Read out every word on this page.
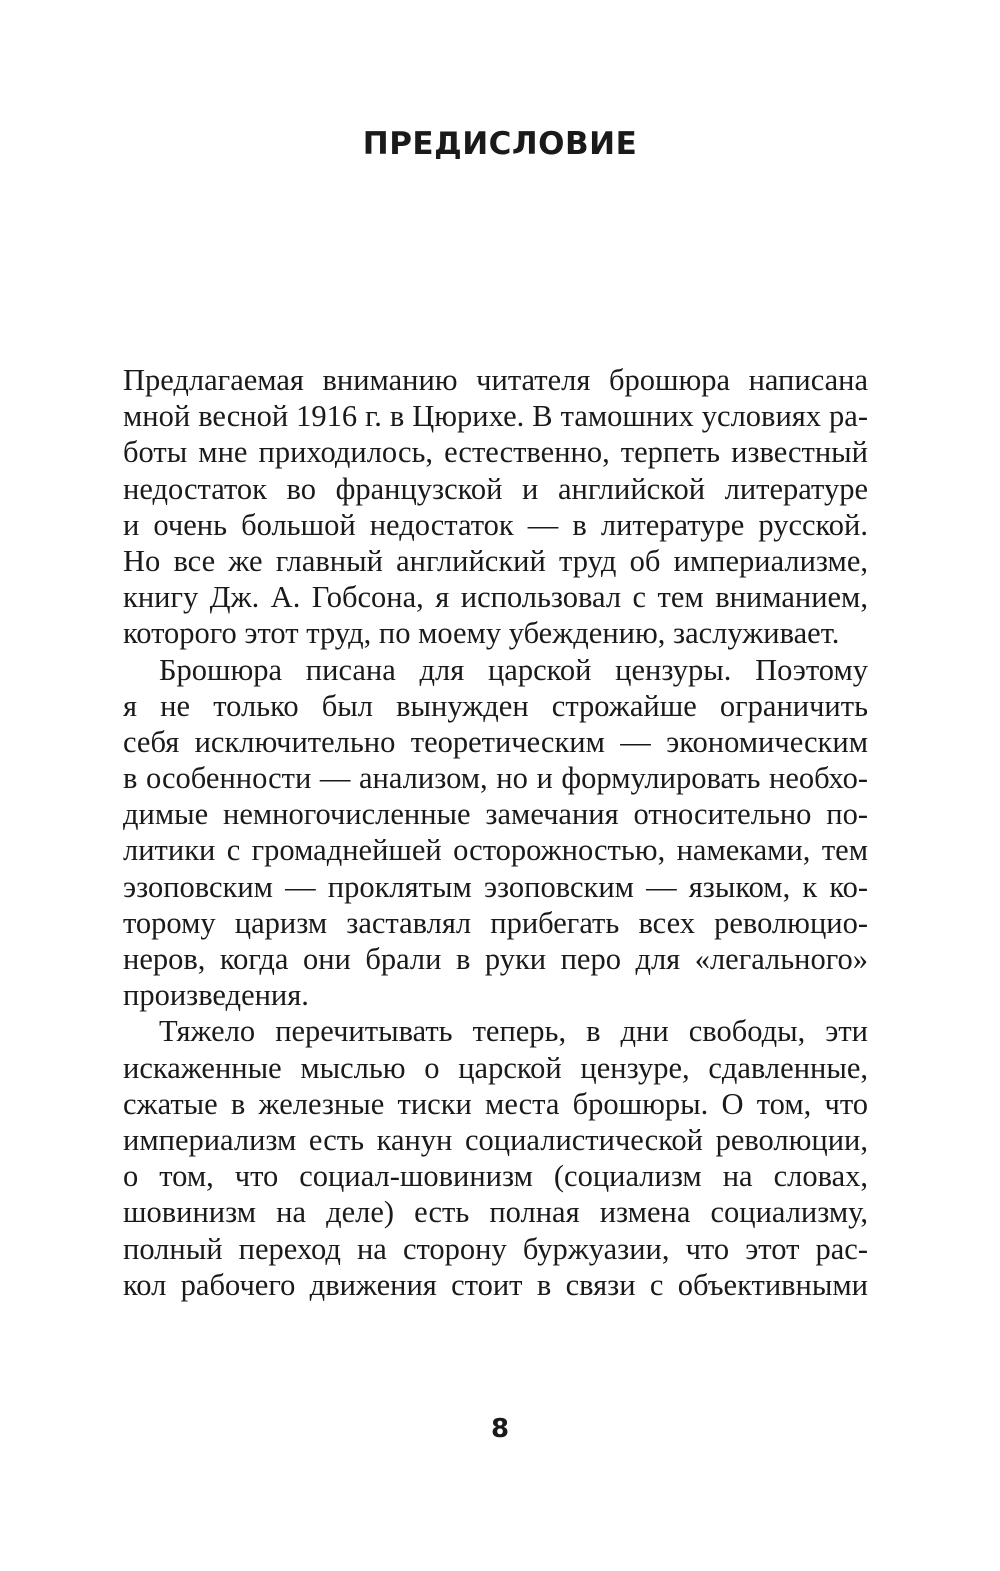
ПРЕДИСЛОВИЕ
Предлагаемая вниманию читателя брошюра написана
мной весной 1916 г. в Цюрихе. В тамошних условиях ра-
боты мне приходилось, естественно, терпеть известный
недостаток во французской и английской литературе
и очень большой недостаток — в литературе русской.
Но все же главный английский труд об империализме,
книгу Дж. А. Гобсона, я использовал с тем вниманием,
которого этот труд, по моему убеждению, заслуживает.
Брошюра писана для царской цензуры. Поэтому
я не только был вынужден строжайше ограничить
себя исключительно теоретическим — экономическим
в особенности — анализом, но и формулировать необхо-
димые немногочисленные замечания относительно по-
литики с громаднейшей осторожностью, намеками, тем
эзоповским — проклятым эзоповским — языком, к ко-
торому царизм заставлял прибегать всех революцио-
неров, когда они брали в руки перо для «легального»
произведения.
Тяжело перечитывать теперь, в дни свободы, эти
искаженные мыслью о царской цензуре, сдавленные,
сжатые в железные тиски места брошюры. О том, что
империализм есть канун социалистической революции,
о том, что социал-шовинизм (социализм на словах,
шовинизм на деле) есть полная измена социализму,
полный переход на сторону буржуазии, что этот рас-
кол рабочего движения стоит в связи с объективными
8
